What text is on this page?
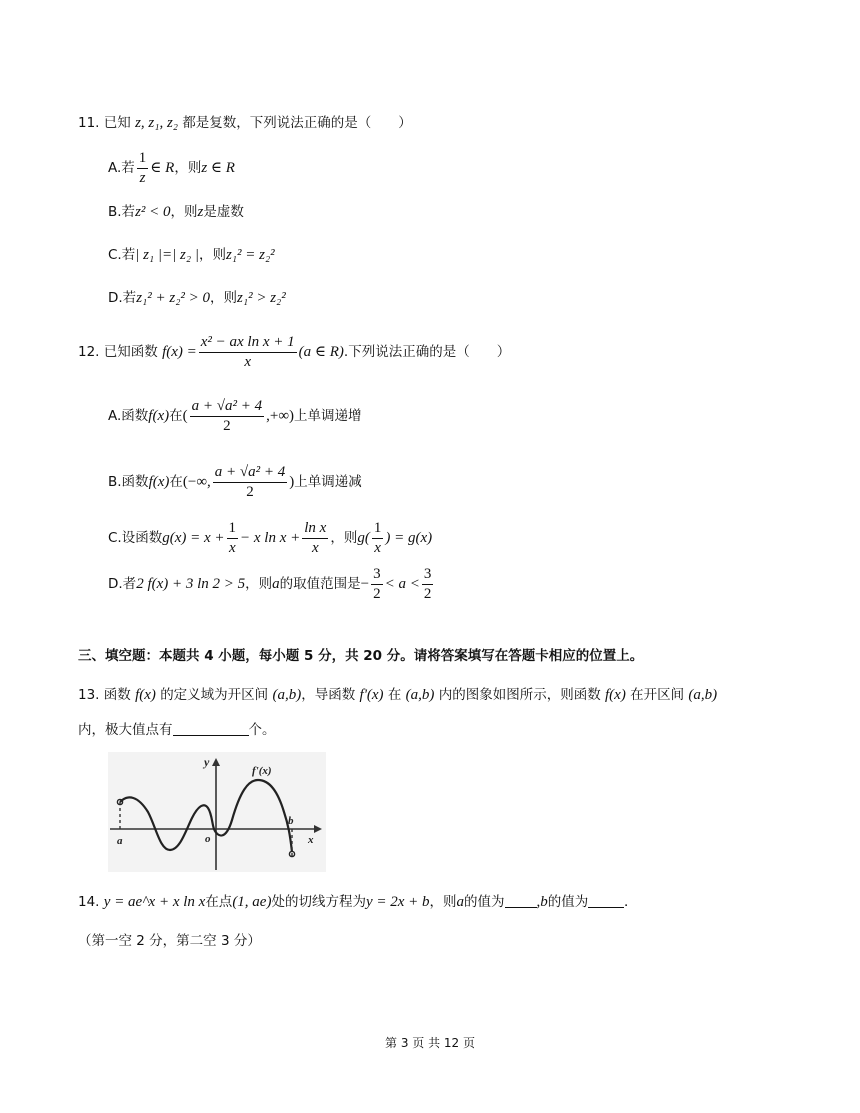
11. 已知 z, z₁, z₂ 都是复数，下列说法正确的是（　　）
A.若 $\frac{1}{z}$ ∈ R，则z ∈ R
B.若z² < 0，则z是虚数
C.若| z₁ |=| z₂ |，则z₁² = z₂²
D.若z₁² + z₂² > 0，则z₁² > z₂²
12. 已知函数 $f(x) = \frac{\text{x² − ax ln x + 1}}{x} (a$ ∈ R).下列说法正确的是（　　）
A.函数f(x)在( $\frac{\text{a + √a² + 4}}{2}$ ,+∞)上单调递增
B.函数f(x)在(−∞, $\frac{\text{a + √a² + 4}}{2}$ )上单调递减
C.设函数$g(x) = x + \frac{1}{x} - x$ $\ln x + \frac{\text{ln x}}{x}$ ，则$g( \frac{1}{x}$ ) = g(x)
D.者2 f(x) + 3 ln 2 > 5，则a的取值范围是− $\frac{3}{2} < a < \frac{3}{2}$
三、填空题：本题共 4 小题，每小题 5 分，共 20 分。请将答案填写在答题卡相应的位置上。
13. 函数 f(x) 的定义域为开区间 (a,b)，导函数 f'(x) 在 (a,b) 内的图象如图所示，则函数 f(x) 在开区间 (a,b)
内，极大值点有	个。
y
f'(x)
a	o
b
x
14. y = ae^x + x ln x在点(1, ae)处的切线方程为y = 2x + b，则a的值为 ,b的值为 .
（第一空 2 分，第二空 3 分）
第 3 页 共 12 页
